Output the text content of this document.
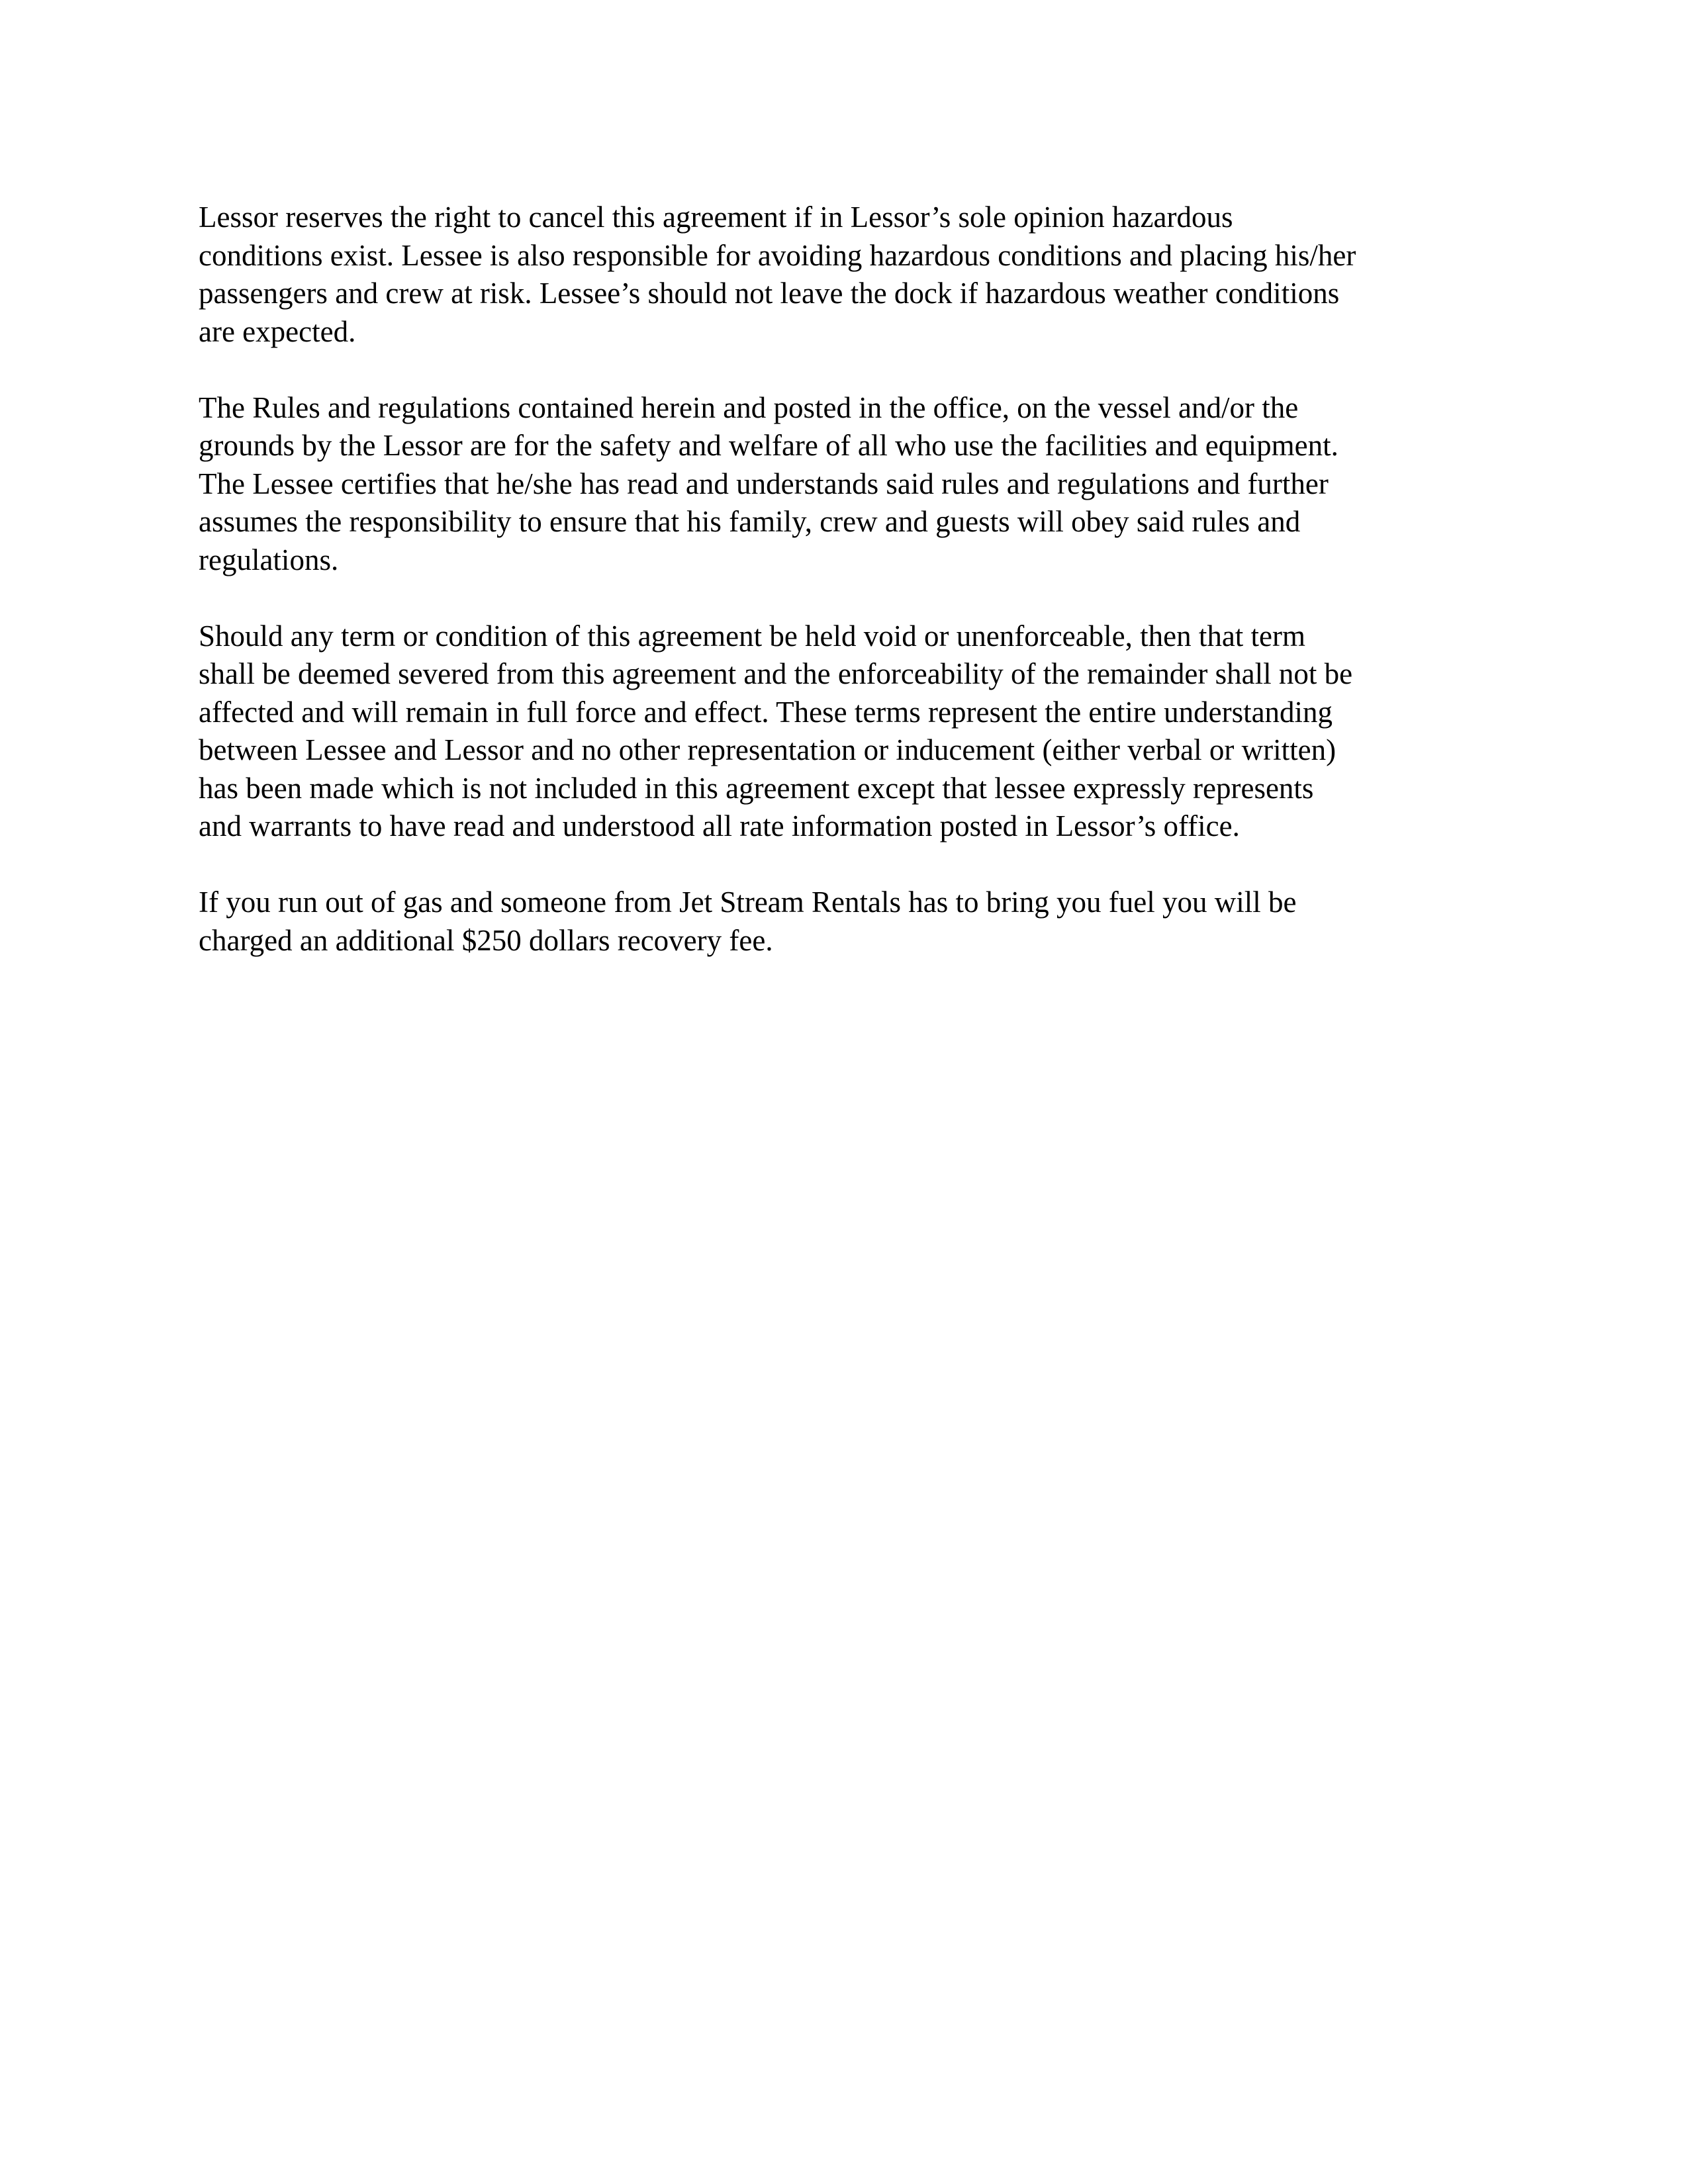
Lessor reserves the right to cancel this agreement if in Lessor’s sole opinion hazardous
conditions exist. Lessee is also responsible for avoiding hazardous conditions and placing his/her
passengers and crew at risk. Lessee’s should not leave the dock if hazardous weather conditions
are expected.

The Rules and regulations contained herein and posted in the office, on the vessel and/or the
grounds by the Lessor are for the safety and welfare of all who use the facilities and equipment.
The Lessee certifies that he/she has read and understands said rules and regulations and further
assumes the responsibility to ensure that his family, crew and guests will obey said rules and
regulations.

Should any term or condition of this agreement be held void or unenforceable, then that term
shall be deemed severed from this agreement and the enforceability of the remainder shall not be
affected and will remain in full force and effect. These terms represent the entire understanding
between Lessee and Lessor and no other representation or inducement (either verbal or written)
has been made which is not included in this agreement except that lessee expressly represents
and warrants to have read and understood all rate information posted in Lessor’s office.

If you run out of gas and someone from Jet Stream Rentals has to bring you fuel you will be
charged an additional $250 dollars recovery fee.
